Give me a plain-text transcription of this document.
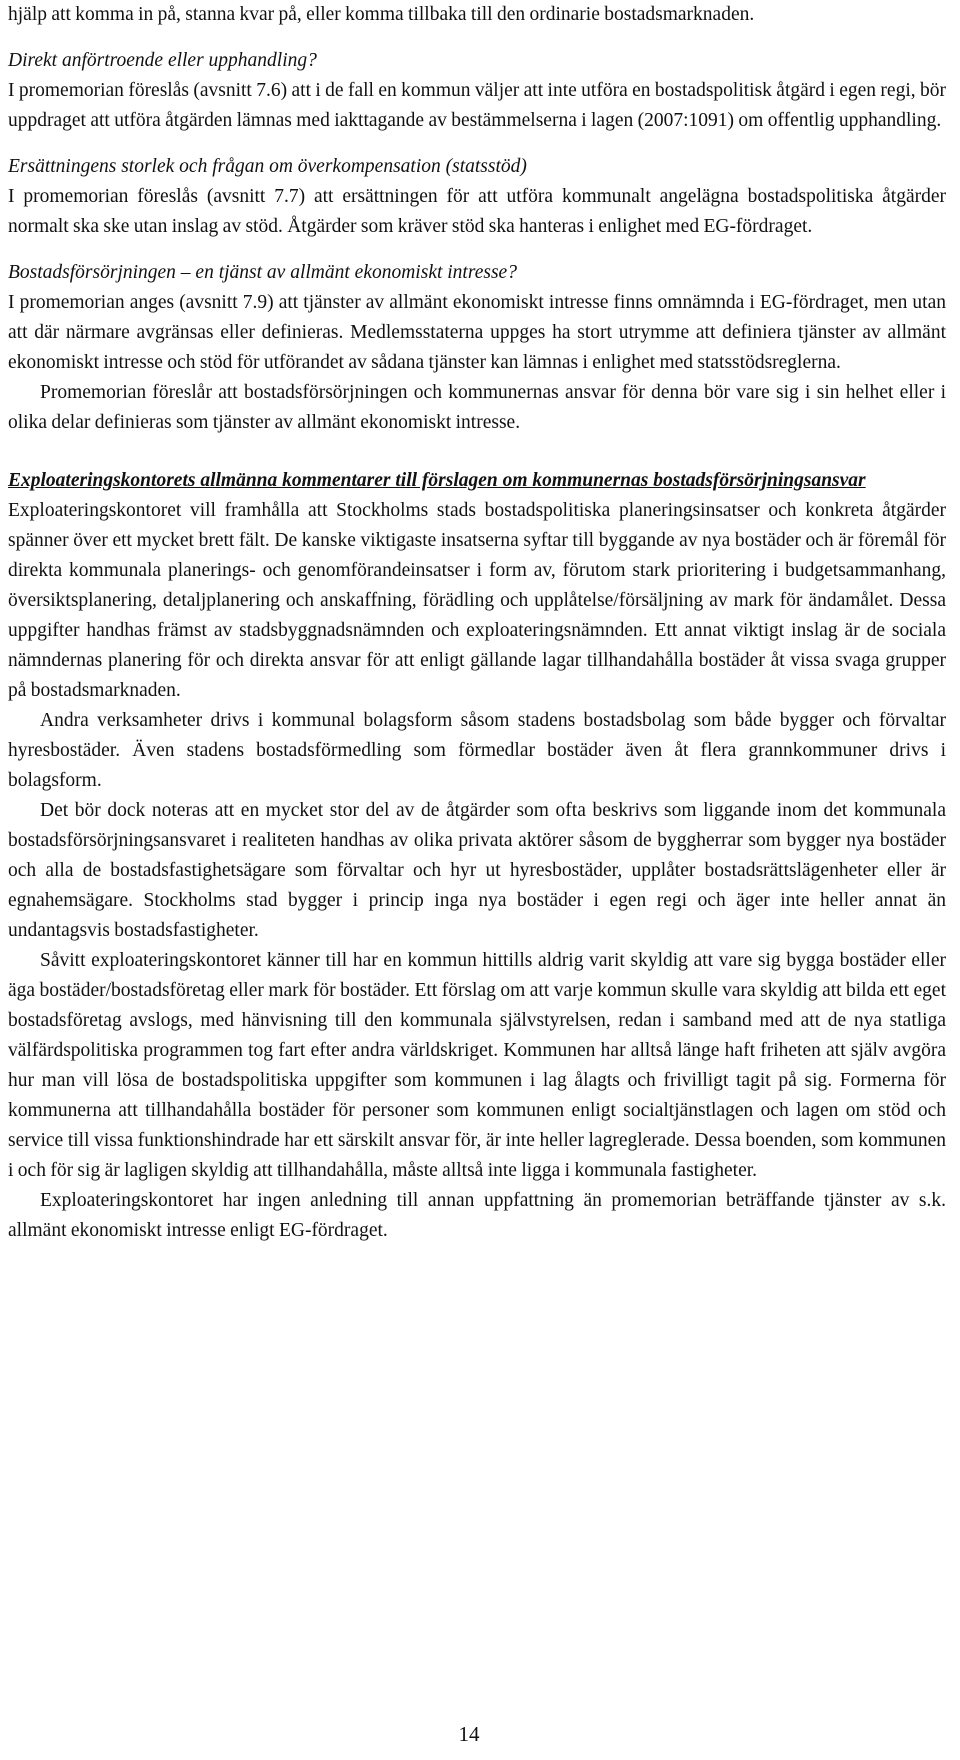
hjälp att komma in på, stanna kvar på, eller komma tillbaka till den ordinarie bostadsmarknaden.

Direkt anförtroende eller upphandling?

I promemorian föreslås (avsnitt 7.6) att i de fall en kommun väljer att inte utföra en bostadspolitisk åtgärd i egen regi, bör uppdraget att utföra åtgärden lämnas med iakttagande av bestämmelserna i lagen (2007:1091) om offentlig upphandling.

Ersättningens storlek och frågan om överkompensation (statsstöd)

I promemorian föreslås (avsnitt 7.7) att ersättningen för att utföra kommunalt angelägna bostadspolitiska åtgärder normalt ska ske utan inslag av stöd. Åtgärder som kräver stöd ska hanteras i enlighet med EG-fördraget.

Bostadsförsörjningen – en tjänst av allmänt ekonomiskt intresse?

I promemorian anges (avsnitt 7.9) att tjänster av allmänt ekonomiskt intresse finns omnämnda i EG-fördraget, men utan att där närmare avgränsas eller definieras. Medlemsstaterna uppges ha stort utrymme att definiera tjänster av allmänt ekonomiskt intresse och stöd för utförandet av sådana tjänster kan lämnas i enlighet med statsstödsreglerna.

Promemorian föreslår att bostadsförsörjningen och kommunernas ansvar för denna bör vare sig i sin helhet eller i olika delar definieras som tjänster av allmänt ekonomiskt intresse.

Exploateringskontorets allmänna kommentarer till förslagen om kommunernas bostadsförsörjningsansvar

Exploateringskontoret vill framhålla att Stockholms stads bostadspolitiska planeringsinsatser och konkreta åtgärder spänner över ett mycket brett fält. De kanske viktigaste insatserna syftar till byggande av nya bostäder och är föremål för direkta kommunala planerings- och genomförandeinsatser i form av, förutom stark prioritering i budgetsammanhang, översiktsplanering, detaljplanering och anskaffning, förädling och upplåtelse/försäljning av mark för ändamålet. Dessa uppgifter handhas främst av stadsbyggnadsnämnden och exploateringsnämnden. Ett annat viktigt inslag är de sociala nämndernas planering för och direkta ansvar för att enligt gällande lagar tillhandahålla bostäder åt vissa svaga grupper på bostadsmarknaden.

Andra verksamheter drivs i kommunal bolagsform såsom stadens bostadsbolag som både bygger och förvaltar hyresbostäder. Även stadens bostadsförmedling som förmedlar bostäder även åt flera grannkommuner drivs i bolagsform.

Det bör dock noteras att en mycket stor del av de åtgärder som ofta beskrivs som liggande inom det kommunala bostadsförsörjningsansvaret i realiteten handhas av olika privata aktörer såsom de byggherrar som bygger nya bostäder och alla de bostadsfastighetsägare som förvaltar och hyr ut hyresbostäder, upplåter bostadsrättslägenheter eller är egnahemsägare. Stockholms stad bygger i princip inga nya bostäder i egen regi och äger inte heller annat än undantagsvis bostadsfastigheter.

Såvitt exploateringskontoret känner till har en kommun hittills aldrig varit skyldig att vare sig bygga bostäder eller äga bostäder/bostadsföretag eller mark för bostäder. Ett förslag om att varje kommun skulle vara skyldig att bilda ett eget bostadsföretag avslogs, med hänvisning till den kommunala självstyrelsen, redan i samband med att de nya statliga välfärdspolitiska programmen tog fart efter andra världskriget. Kommunen har alltså länge haft friheten att själv avgöra hur man vill lösa de bostadspolitiska uppgifter som kommunen i lag ålagts och frivilligt tagit på sig. Formerna för kommunerna att tillhandahålla bostäder för personer som kommunen enligt socialtjänstlagen och lagen om stöd och service till vissa funktionshindrade har ett särskilt ansvar för, är inte heller lagreglerade. Dessa boenden, som kommunen i och för sig är lagligen skyldig att tillhandahålla, måste alltså inte ligga i kommunala fastigheter.

Exploateringskontoret har ingen anledning till annan uppfattning än promemorian beträffande tjänster av s.k. allmänt ekonomiskt intresse enligt EG-fördraget.

14
